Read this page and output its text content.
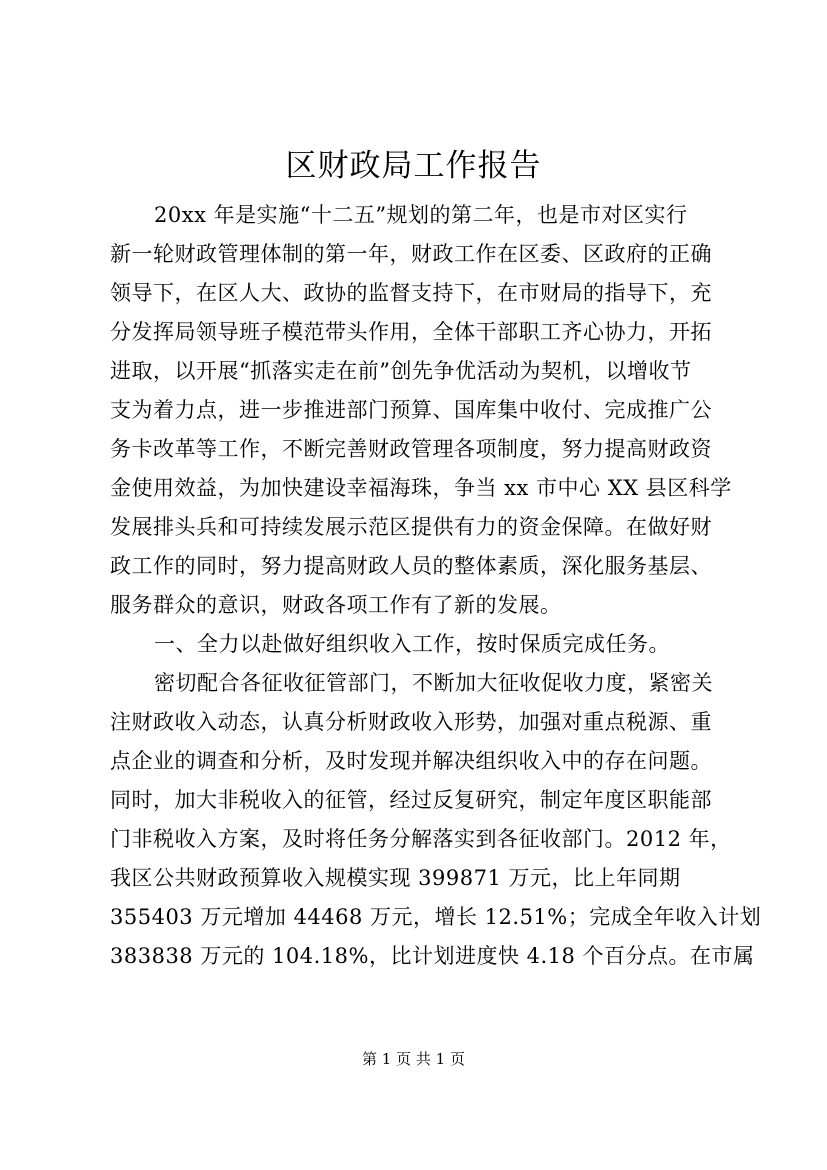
区财政局工作报告
20xx 年是实施“十二五”规划的第二年，也是市对区实行
新一轮财政管理体制的第一年，财政工作在区委、区政府的正确
领导下，在区人大、政协的监督支持下，在市财局的指导下，充
分发挥局领导班子模范带头作用，全体干部职工齐心协力，开拓
进取，以开展“抓落实走在前”创先争优活动为契机，以增收节
支为着力点，进一步推进部门预算、国库集中收付、完成推广公
务卡改革等工作，不断完善财政管理各项制度，努力提高财政资
金使用效益，为加快建设幸福海珠，争当 xx 市中心 XX 县区科学
发展排头兵和可持续发展示范区提供有力的资金保障。在做好财
政工作的同时，努力提高财政人员的整体素质，深化服务基层、
服务群众的意识，财政各项工作有了新的发展。
一、全力以赴做好组织收入工作，按时保质完成任务。
密切配合各征收征管部门，不断加大征收促收力度，紧密关
注财政收入动态，认真分析财政收入形势，加强对重点税源、重
点企业的调查和分析，及时发现并解决组织收入中的存在问题。
同时，加大非税收入的征管，经过反复研究，制定年度区职能部
门非税收入方案，及时将任务分解落实到各征收部门。2012 年，
我区公共财政预算收入规模实现 399871 万元，比上年同期
355403 万元增加 44468 万元，增长 12.51%；完成全年收入计划
383838 万元的 104.18%，比计划进度快 4.18 个百分点。在市属
第 1 页 共 1 页
